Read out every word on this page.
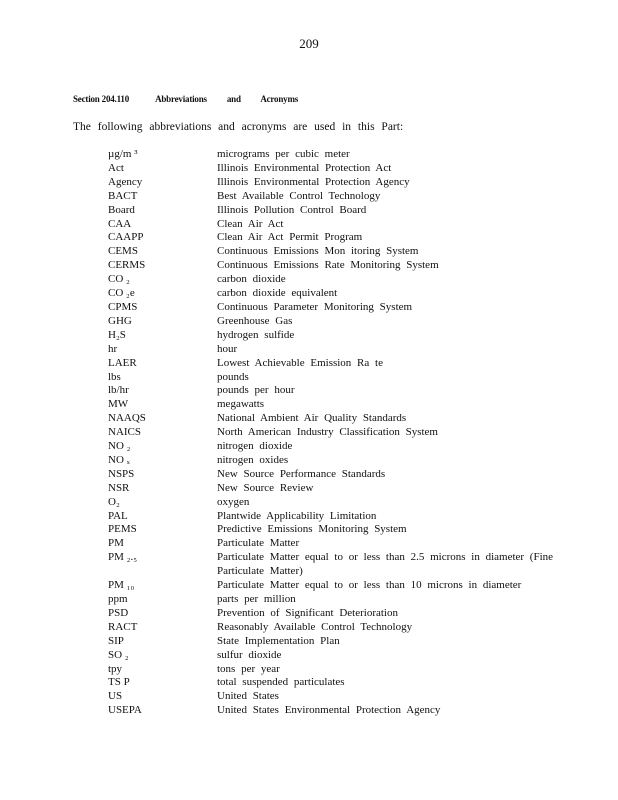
209
Section 204.110	Abbreviations and Acronyms
The following abbreviations and acronyms are used in this Part:
µg/m ³	micrograms per cubic meter
Act	Illinois Environmental Protection Act
Agency	Illinois Environmental Protection Agency
BACT	Best Available Control Technology
Board	Illinois Pollution Control Board
CAA	Clean Air Act
CAAPP	Clean Air Act Permit Program
CEMS	Continuous Emissions Mon itoring System
CERMS	Continuous Emissions Rate Monitoring System
CO ₂	carbon dioxide
CO ₂e	carbon dioxide equivalent
CPMS	Continuous Parameter Monitoring System
GHG	Greenhouse Gas
H₂S	hydrogen sulfide
hr	hour
LAER	Lowest Achievable Emission Ra te
lbs	pounds
lb/hr	pounds per hour
MW	megawatts
NAAQS	National Ambient Air Quality Standards
NAICS	North American Industry Classification System
NO ₂	nitrogen dioxide
NO ₓ	nitrogen oxides
NSPS	New Source Performance Standards
NSR	New Source Review
O₂	oxygen
PAL	Plantwide Applicability Limitation
PEMS	Predictive Emissions Monitoring System
PM	Particulate Matter
PM ₂.₅	Particulate Matter equal to or less than 2.5 microns in diameter (Fine Particulate Matter)
PM ₁₀	Particulate Matter equal to or less than 10 microns in diameter
ppm	parts per million
PSD	Prevention of Significant Deterioration
RACT	Reasonably Available Control Technology
SIP	State Implementation Plan
SO ₂	sulfur dioxide
tpy	tons per year
TS P	total suspended particulates
US	United States
USEPA	United States Environmental Protection Agency
